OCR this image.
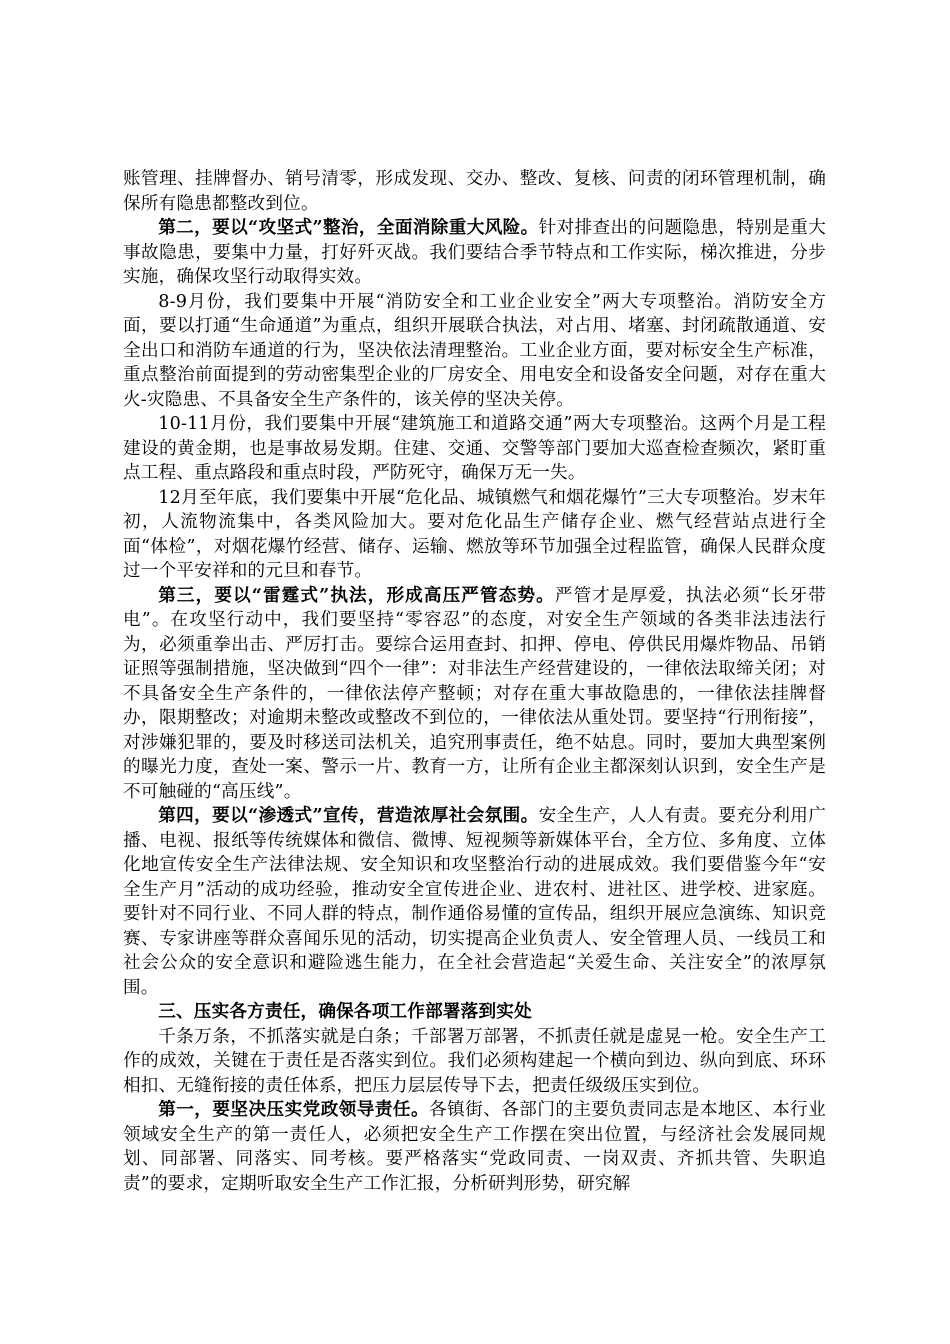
账管理、挂牌督办、销号清零，形成发现、交办、整改、复核、问责的闭环管理机制，确保所有隐患都整改到位。

第二，要以“攻坚式”整治，全面消除重大风险。针对排查出的问题隐患，特别是重大事故隐患，要集中力量，打好歼灭战。我们要结合季节特点和工作实际，梯次推进，分步实施，确保攻坚行动取得实效。

8-9月份，我们要集中开展“消防安全和工业企业安全”两大专项整治。消防安全方面，要以打通“生命通道”为重点，组织开展联合执法，对占用、堵塞、封闭疏散通道、安全出口和消防车通道的行为，坚决依法清理整治。工业企业方面，要对标安全生产标准，重点整治前面提到的劳动密集型企业的厂房安全、用电安全和设备安全问题，对存在重大火-灾隐患、不具备安全生产条件的，该关停的坚决关停。

10-11月份，我们要集中开展“建筑施工和道路交通”两大专项整治。这两个月是工程建设的黄金期，也是事故易发期。住建、交通、交警等部门要加大巡查检查频次，紧盯重点工程、重点路段和重点时段，严防死守，确保万无一失。

12月至年底，我们要集中开展“危化品、城镇燃气和烟花爆竹”三大专项整治。岁末年初，人流物流集中，各类风险加大。要对危化品生产储存企业、燃气经营站点进行全面“体检”，对烟花爆竹经营、储存、运输、燃放等环节加强全过程监管，确保人民群众度过一个平安祥和的元旦和春节。

第三，要以“雷霆式”执法，形成高压严管态势。严管才是厚爱，执法必须“长牙带电”。在攻坚行动中，我们要坚持“零容忍”的态度，对安全生产领域的各类非法违法行为，必须重拳出击、严厉打击。要综合运用查封、扣押、停电、停供民用爆炸物品、吊销证照等强制措施，坚决做到“四个一律”：对非法生产经营建设的，一律依法取缔关闭；对不具备安全生产条件的，一律依法停产整顿；对存在重大事故隐患的，一律依法挂牌督办，限期整改；对逾期未整改或整改不到位的，一律依法从重处罚。要坚持“行刑衔接”，对涉嫌犯罪的，要及时移送司法机关，追究刑事责任，绝不姑息。同时，要加大典型案例的曝光力度，查处一案、警示一片、教育一方，让所有企业主都深刻认识到，安全生产是不可触碰的“高压线”。

第四，要以“渗透式”宣传，营造浓厚社会氛围。安全生产，人人有责。要充分利用广播、电视、报纸等传统媒体和微信、微博、短视频等新媒体平台，全方位、多角度、立体化地宣传安全生产法律法规、安全知识和攻坚整治行动的进展成效。我们要借鉴今年“安全生产月”活动的成功经验，推动安全宣传进企业、进农村、进社区、进学校、进家庭。要针对不同行业、不同人群的特点，制作通俗易懂的宣传品，组织开展应急演练、知识竞赛、专家讲座等群众喜闻乐见的活动，切实提高企业负责人、安全管理人员、一线员工和社会公众的安全意识和避险逃生能力，在全社会营造起“关爱生命、关注安全”的浓厚氛围。

三、压实各方责任，确保各项工作部署落到实处

千条万条，不抓落实就是白条；千部署万部署，不抓责任就是虚晃一枪。安全生产工作的成效，关键在于责任是否落实到位。我们必须构建起一个横向到边、纵向到底、环环相扣、无缝衔接的责任体系，把压力层层传导下去，把责任级级压实到位。

第一，要坚决压实党政领导责任。各镇街、各部门的主要负责同志是本地区、本行业领域安全生产的第一责任人，必须把安全生产工作摆在突出位置，与经济社会发展同规划、同部署、同落实、同考核。要严格落实“党政同责、一岗双责、齐抓共管、失职追责”的要求，定期听取安全生产工作汇报，分析研判形势，研究解
